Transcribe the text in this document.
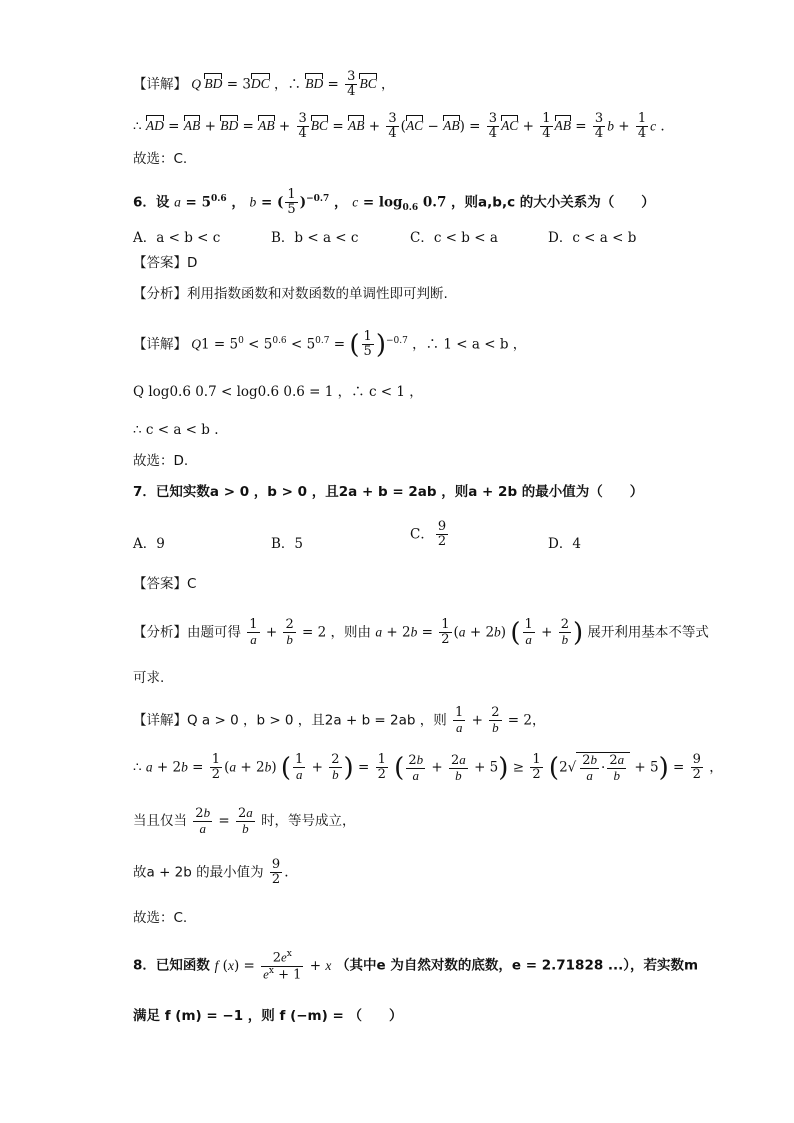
【详解】 Q BD = 3DC ，∴ BD = $\frac{3}{4}$ BC ，
∴ AD = AB + BD = AB + $\frac{3}{4}$ BC = AB + $\frac{3}{4} (AC - AB) = \frac{3}{4}$ AC + $\frac{1}{4}$ AB = $\frac{3}{4}$ $b + \frac{1}{4}$ c .
故选：C.
6．设 $a = 5^{0.6}$ ， b = ( $\frac{1}{5} )^{-0.7}$ ， $c = \log_{0.6} 0.7$ ，则a,b,c 的大小关系为（　　）
A．a < b < c	B．b < a < c	C．c < b < a	D．c < a < b
【答案】D
【分析】利用指数函数和对数函数的单调性即可判断.
【详解】 $Q1 = 5^0 < 5^{0.6} < 5^{0.7}$ = ( $\frac{1}{5} )^{-0.7}$ ，∴ 1 < a < b ，
Q log0.6 0.7 < log0.6 0.6 = 1 ，∴ c < 1 ，
∴ c < a < b .
故选：D.
7．已知实数a > 0 ，b > 0 ，且2a + b = 2ab ，则a + 2b 的最小值为（　　）
A．9	B．5
C． $\frac{9}{2}$	D．4
【答案】C
【分析】由题可得 $\frac{1}{a} + \frac{2}{b} = 2$ ，则由 $a + 2b = \frac{1}{2} (a + 2b)$ ( $\frac{1}{a} + \frac{2}{b}$ ) 展开利用基本不等式
可求.
【详解】Q a > 0 ，b > 0 ，且2a + b = 2ab ，则 $\frac{1}{a} + \frac{2}{b} = 2$，
∴ $a + 2b = \frac{1}{2} (a + 2b)$ ( $\frac{1}{a} + \frac{2}{b}$ ) = $\frac{1}{2}$ ( $\frac{2b}{a} + \frac{2a}{b} + 5) \ge \frac{1}{2} (2√ \frac{2b}{a} \cdot \frac{2a}{b} + 5) = \frac{9}{2}$ ，
当且仅当 $\frac{2b}{a} = \frac{2a}{b}$ 时，等号成立，
故a + 2b 的最小值为 $\frac{9}{2}$ .
故选：C.
8．已知函数 f $(x) = \frac{2e^x}{e^x + 1} + x$ （其中e 为自然对数的底数，e = 2.71828 ...），若实数m
满足 f (m) = −1 ，则 f (−m) = （　　）
